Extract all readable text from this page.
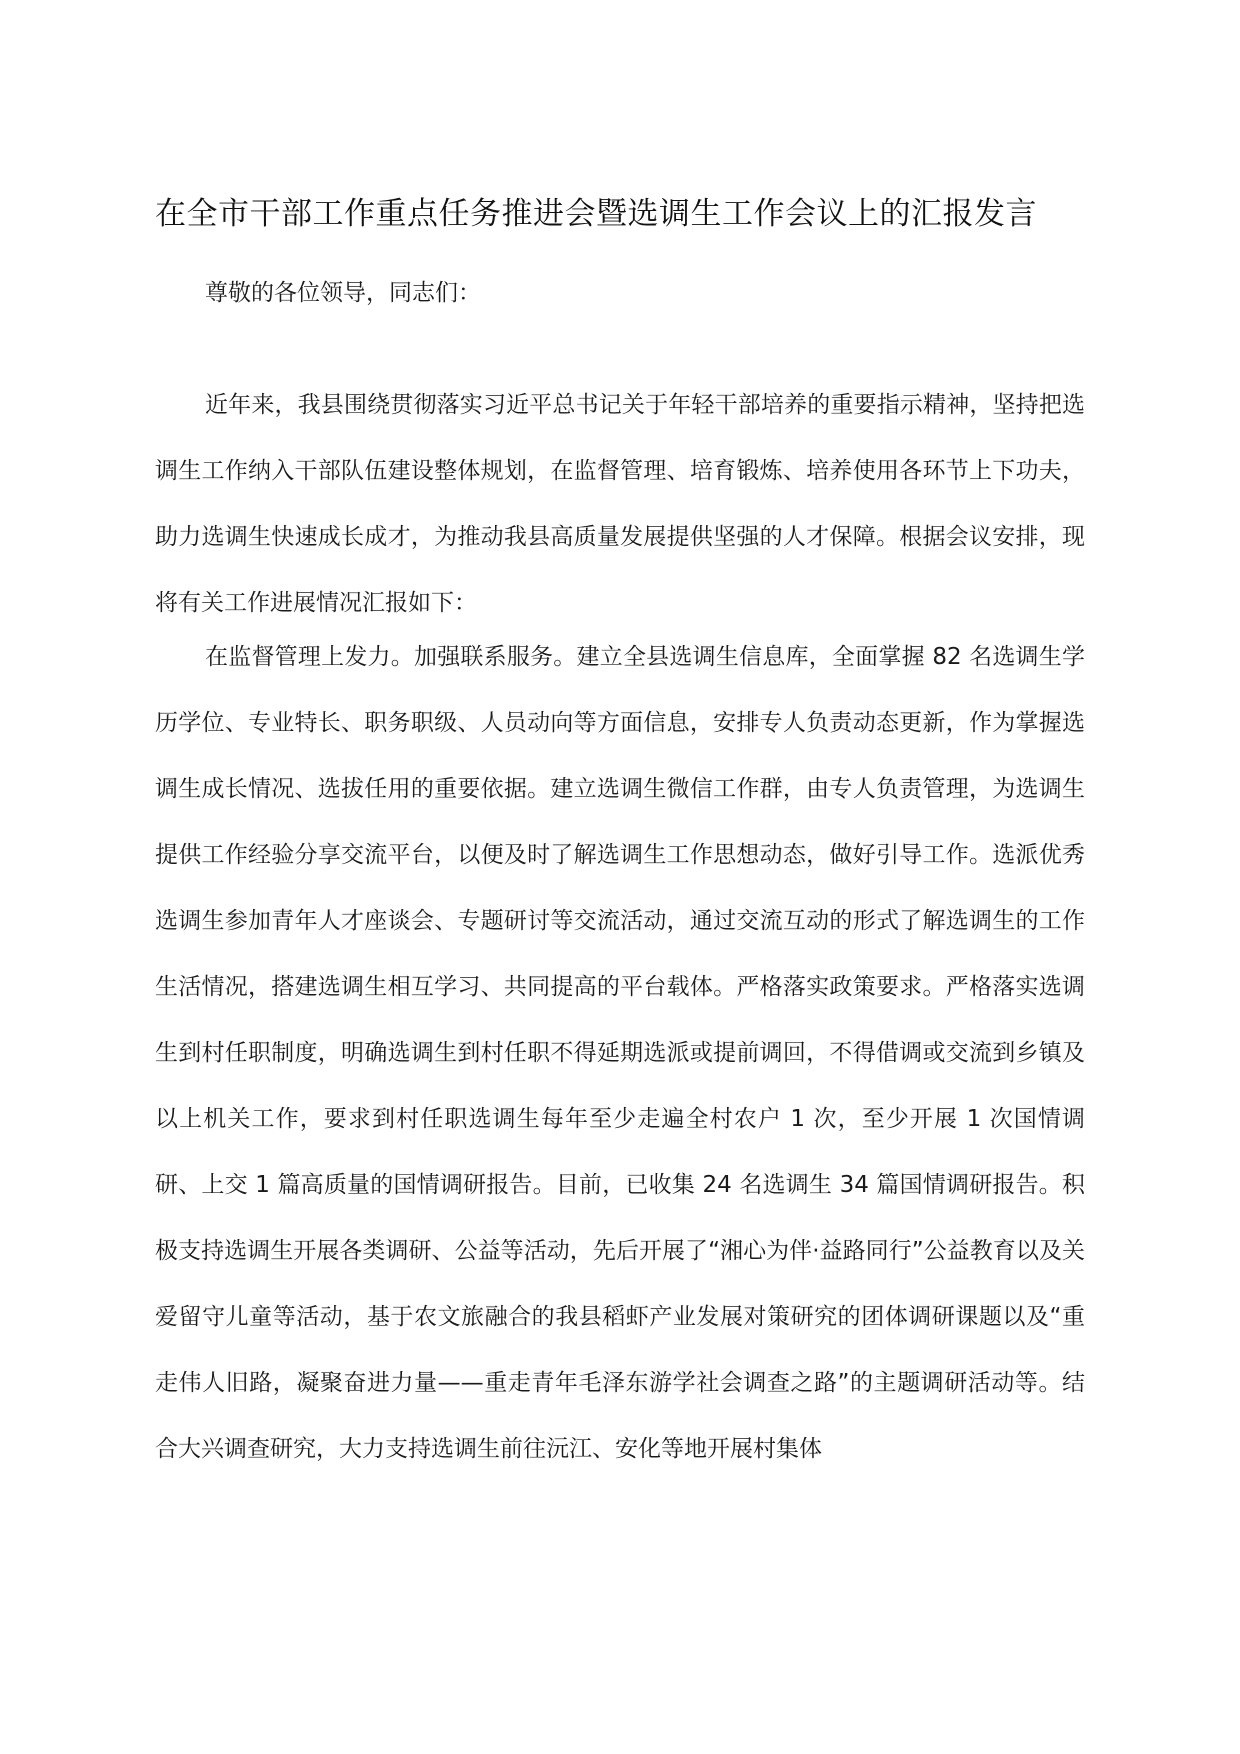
在全市干部工作重点任务推进会暨选调生工作会议上的汇报发言

尊敬的各位领导，同志们：

近年来，我县围绕贯彻落实习近平总书记关于年轻干部培养的重要指示精神，坚持把选调生工作纳入干部队伍建设整体规划，在监督管理、培育锻炼、培养使用各环节上下功夫，助力选调生快速成长成才，为推动我县高质量发展提供坚强的人才保障。根据会议安排，现将有关工作进展情况汇报如下：

在监督管理上发力。加强联系服务。建立全县选调生信息库，全面掌握 82 名选调生学历学位、专业特长、职务职级、人员动向等方面信息，安排专人负责动态更新，作为掌握选调生成长情况、选拔任用的重要依据。建立选调生微信工作群，由专人负责管理，为选调生提供工作经验分享交流平台，以便及时了解选调生工作思想动态，做好引导工作。选派优秀选调生参加青年人才座谈会、专题研讨等交流活动，通过交流互动的形式了解选调生的工作生活情况，搭建选调生相互学习、共同提高的平台载体。严格落实政策要求。严格落实选调生到村任职制度，明确选调生到村任职不得延期选派或提前调回，不得借调或交流到乡镇及以上机关工作，要求到村任职选调生每年至少走遍全村农户 1 次，至少开展 1 次国情调研、上交 1 篇高质量的国情调研报告。目前，已收集 24 名选调生 34 篇国情调研报告。积极支持选调生开展各类调研、公益等活动，先后开展了“湘心为伴·益路同行”公益教育以及关爱留守儿童等活动，基于农文旅融合的我县稻虾产业发展对策研究的团体调研课题以及“重走伟人旧路，凝聚奋进力量——重走青年毛泽东游学社会调查之路”的主题调研活动等。结合大兴调查研究，大力支持选调生前往沅江、安化等地开展村集体
